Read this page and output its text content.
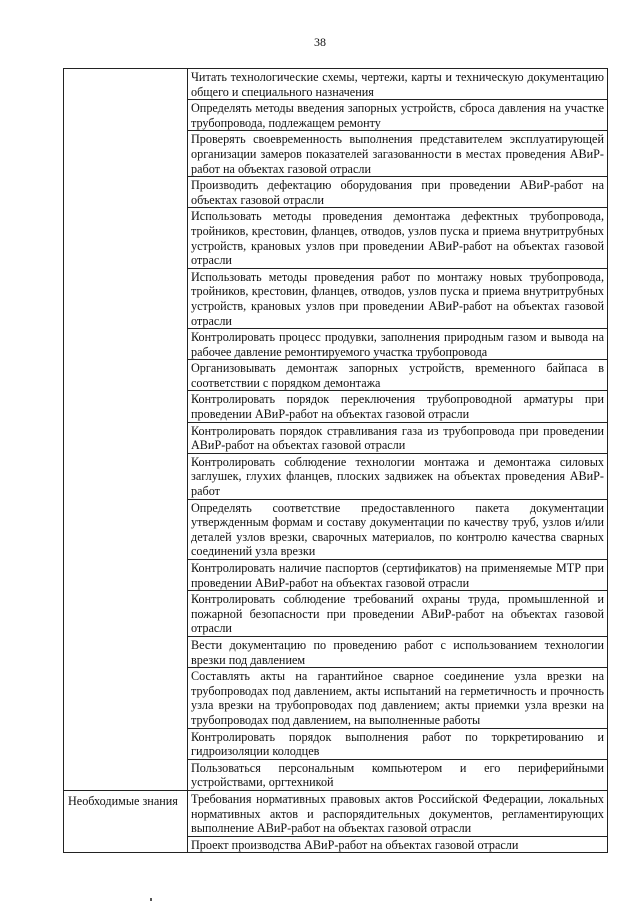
38
	Читать технологические схемы, чертежи, карты и техническую документацию общего и специального назначения
	Определять методы введения запорных устройств, сброса давления на участке трубопровода, подлежащем ремонту
	Проверять своевременность выполнения представителем эксплуатирующей организации замеров показателей загазованности в местах проведения АВиР-работ на объектах газовой отрасли
	Производить дефектацию оборудования при проведении АВиР-работ на объектах газовой отрасли
	Использовать методы проведения демонтажа дефектных трубопровода, тройников, крестовин, фланцев, отводов, узлов пуска и приема внутритрубных устройств, крановых узлов при проведении АВиР-работ на объектах газовой отрасли
	Использовать методы проведения работ по монтажу новых трубопровода, тройников, крестовин, фланцев, отводов, узлов пуска и приема внутритрубных устройств, крановых узлов при проведении АВиР-работ на объектах газовой отрасли
	Контролировать процесс продувки, заполнения природным газом и вывода на рабочее давление ремонтируемого участка трубопровода
	Организовывать демонтаж запорных устройств, временного байпаса в соответствии с порядком демонтажа
	Контролировать порядок переключения трубопроводной арматуры при проведении АВиР-работ на объектах газовой отрасли
	Контролировать порядок стравливания газа из трубопровода при проведении АВиР-работ на объектах газовой отрасли
	Контролировать соблюдение технологии монтажа и демонтажа силовых заглушек, глухих фланцев, плоских задвижек на объектах проведения АВиР-работ
	Определять соответствие предоставленного пакета документации утвержденным формам и составу документации по качеству труб, узлов и/или деталей узлов врезки, сварочных материалов, по контролю качества сварных соединений узла врезки
	Контролировать наличие паспортов (сертификатов) на применяемые МТР при проведении АВиР-работ на объектах газовой отрасли
	Контролировать соблюдение требований охраны труда, промышленной и пожарной безопасности при проведении АВиР-работ на объектах газовой отрасли
	Вести документацию по проведению работ с использованием технологии врезки под давлением
	Составлять акты на гарантийное сварное соединение узла врезки на трубопроводах под давлением, акты испытаний на герметичность и прочность узла врезки на трубопроводах под давлением; акты приемки узла врезки на трубопроводах под давлением, на выполненные работы
	Контролировать порядок выполнения работ по торкретированию и гидроизоляции колодцев
	Пользоваться персональным компьютером и его периферийными устройствами, оргтехникой
Необходимые знания	Требования нормативных правовых актов Российской Федерации, локальных нормативных актов и распорядительных документов, регламентирующих выполнение АВиР-работ на объектах газовой отрасли
	Проект производства АВиР-работ на объектах газовой отрасли
